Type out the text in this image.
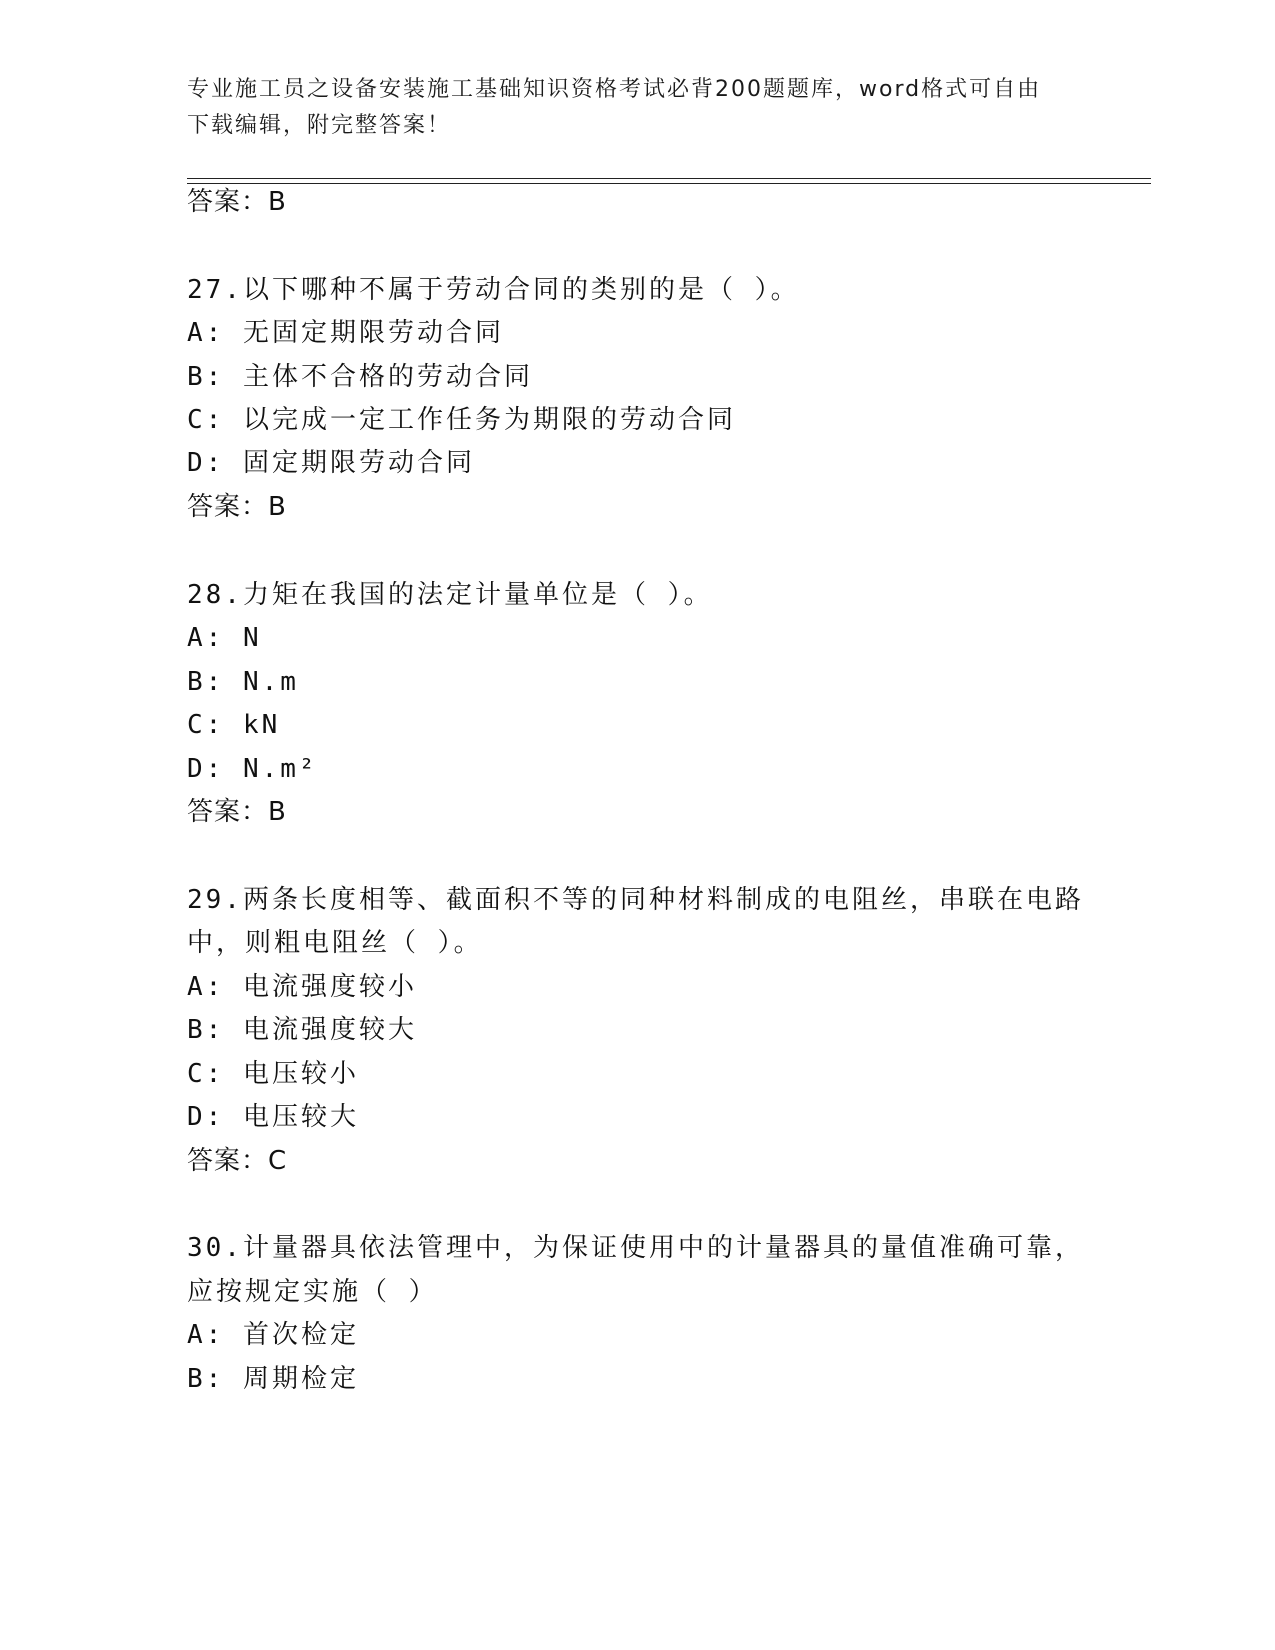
专业施工员之设备安装施工基础知识资格考试必背200题题库，word格式可自由
下载编辑，附完整答案！
答案：B
27.以下哪种不属于劳动合同的类别的是（ ）。
A: 无固定期限劳动合同
B: 主体不合格的劳动合同
C: 以完成一定工作任务为期限的劳动合同
D: 固定期限劳动合同
答案：B
28.力矩在我国的法定计量单位是（ ）。
A: N
B: N.m
C: kN
D: N.m²
答案：B
29.两条长度相等、截面积不等的同种材料制成的电阻丝，串联在电路
中，则粗电阻丝（ ）。
A: 电流强度较小
B: 电流强度较大
C: 电压较小
D: 电压较大
答案：C
30.计量器具依法管理中，为保证使用中的计量器具的量值准确可靠，
应按规定实施（ ）
A: 首次检定
B: 周期检定
